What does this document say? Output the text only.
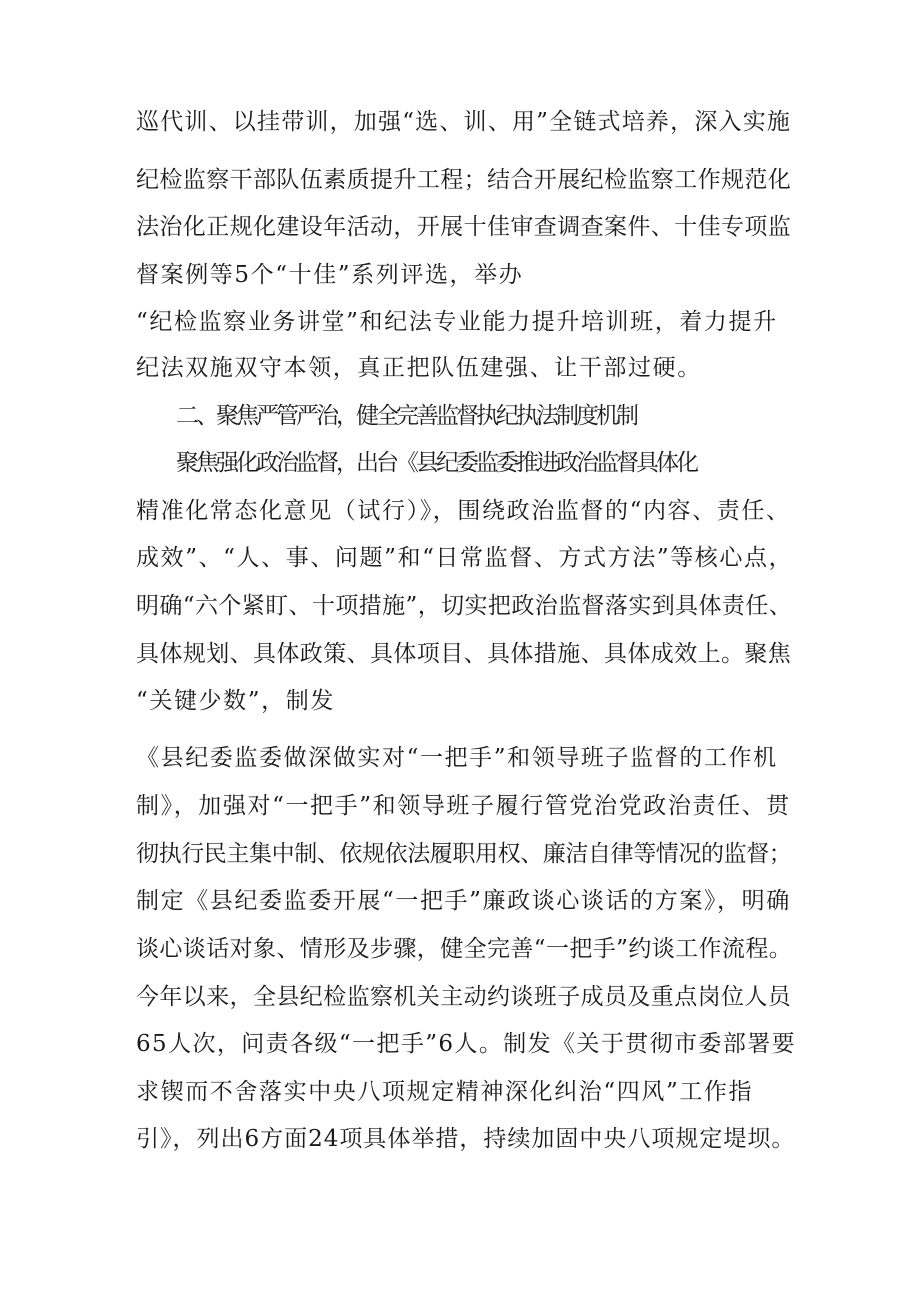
巡代训、以挂带训，加强“选、训、用”全链式培养，深入实施
纪检监察干部队伍素质提升工程；结合开展纪检监察工作规范化
法治化正规化建设年活动，开展十佳审查调查案件、十佳专项监
督案例等5个“十佳”系列评选，举办
“纪检监察业务讲堂”和纪法专业能力提升培训班，着力提升
纪法双施双守本领，真正把队伍建强、让干部过硬。
二、聚焦严管严治，健全完善监督执纪执法制度机制
聚焦强化政治监督，出台《县纪委监委推进政治监督具体化
精准化常态化意见（试行）》，围绕政治监督的“内容、责任、
成效”、“人、事、问题”和“日常监督、方式方法”等核心点，
明确“六个紧盯、十项措施”，切实把政治监督落实到具体责任、
具体规划、具体政策、具体项目、具体措施、具体成效上。聚焦
“关键少数”，制发
《县纪委监委做深做实对“一把手”和领导班子监督的工作机
制》，加强对“一把手”和领导班子履行管党治党政治责任、贯
彻执行民主集中制、依规依法履职用权、廉洁自律等情况的监督；
制定《县纪委监委开展“一把手”廉政谈心谈话的方案》，明确
谈心谈话对象、情形及步骤，健全完善“一把手”约谈工作流程。
今年以来，全县纪检监察机关主动约谈班子成员及重点岗位人员
65人次，问责各级“一把手”6人。制发《关于贯彻市委部署要
求锲而不舍落实中央八项规定精神深化纠治“四风”工作指
引》，列出6方面24项具体举措，持续加固中央八项规定堤坝。
